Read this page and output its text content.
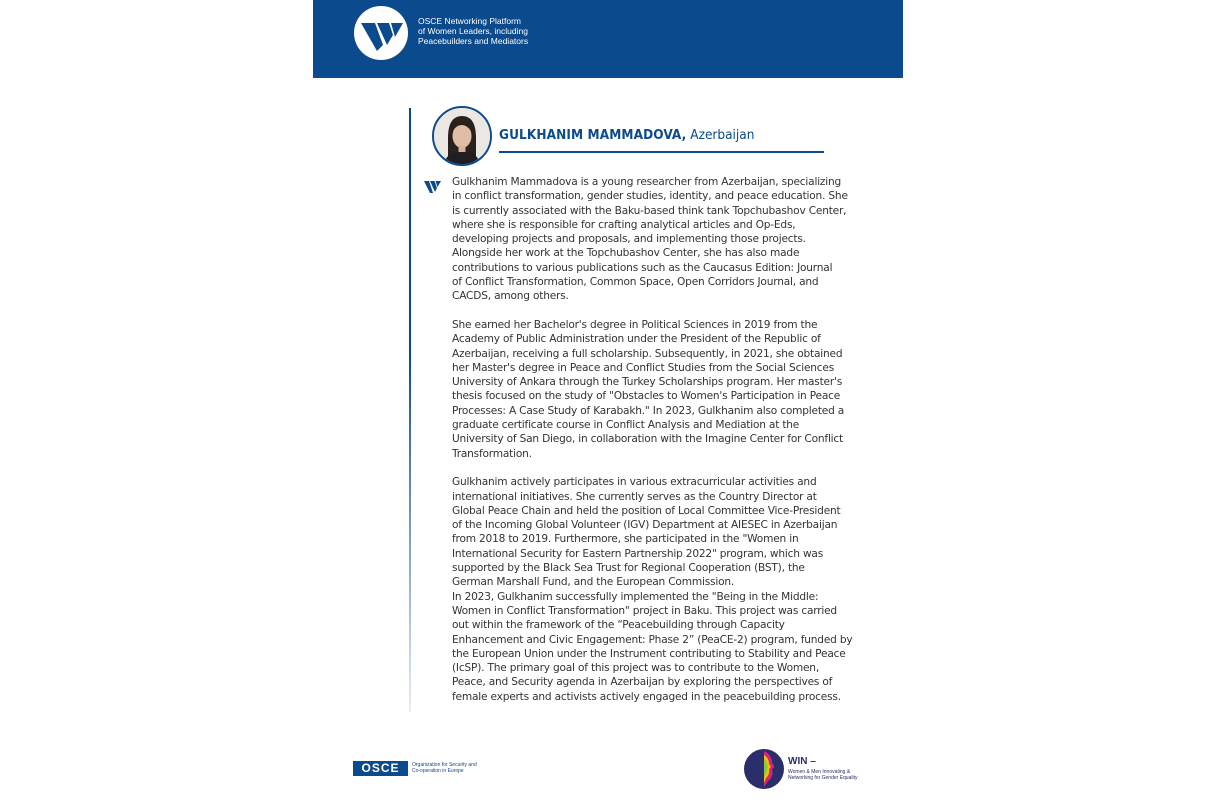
OSCE Networking Platform
of Women Leaders, including
Peacebuilders and Mediators
GULKHANIM MAMMADOVA, Azerbaijan
Gulkhanim Mammadova is a young researcher from Azerbaijan, specializing
in conflict transformation, gender studies, identity, and peace education. She
is currently associated with the Baku-based think tank Topchubashov Center,
where she is responsible for crafting analytical articles and Op-Eds,
developing projects and proposals, and implementing those projects.
Alongside her work at the Topchubashov Center, she has also made
contributions to various publications such as the Caucasus Edition: Journal
of Conflict Transformation, Common Space, Open Corridors Journal, and
CACDS, among others.
She earned her Bachelor's degree in Political Sciences in 2019 from the
Academy of Public Administration under the President of the Republic of
Azerbaijan, receiving a full scholarship. Subsequently, in 2021, she obtained
her Master's degree in Peace and Conflict Studies from the Social Sciences
University of Ankara through the Turkey Scholarships program. Her master's
thesis focused on the study of "Obstacles to Women's Participation in Peace
Processes: A Case Study of Karabakh." In 2023, Gulkhanim also completed a
graduate certificate course in Conflict Analysis and Mediation at the
University of San Diego, in collaboration with the Imagine Center for Conflict
Transformation.
Gulkhanim actively participates in various extracurricular activities and
international initiatives. She currently serves as the Country Director at
Global Peace Chain and held the position of Local Committee Vice-President
of the Incoming Global Volunteer (IGV) Department at AIESEC in Azerbaijan
from 2018 to 2019. Furthermore, she participated in the "Women in
International Security for Eastern Partnership 2022" program, which was
supported by the Black Sea Trust for Regional Cooperation (BST), the
German Marshall Fund, and the European Commission.
In 2023, Gulkhanim successfully implemented the "Being in the Middle:
Women in Conflict Transformation" project in Baku. This project was carried
out within the framework of the “Peacebuilding through Capacity
Enhancement and Civic Engagement: Phase 2” (PeaCE-2) program, funded by
the European Union under the Instrument contributing to Stability and Peace
(IcSP). The primary goal of this project was to contribute to the Women,
Peace, and Security agenda in Azerbaijan by exploring the perspectives of
female experts and activists actively engaged in the peacebuilding process.
OSCE	Organization for Security and
Co-operation in Europe
WIN –
Women & Men Innovating &
Networking for Gender Equality
